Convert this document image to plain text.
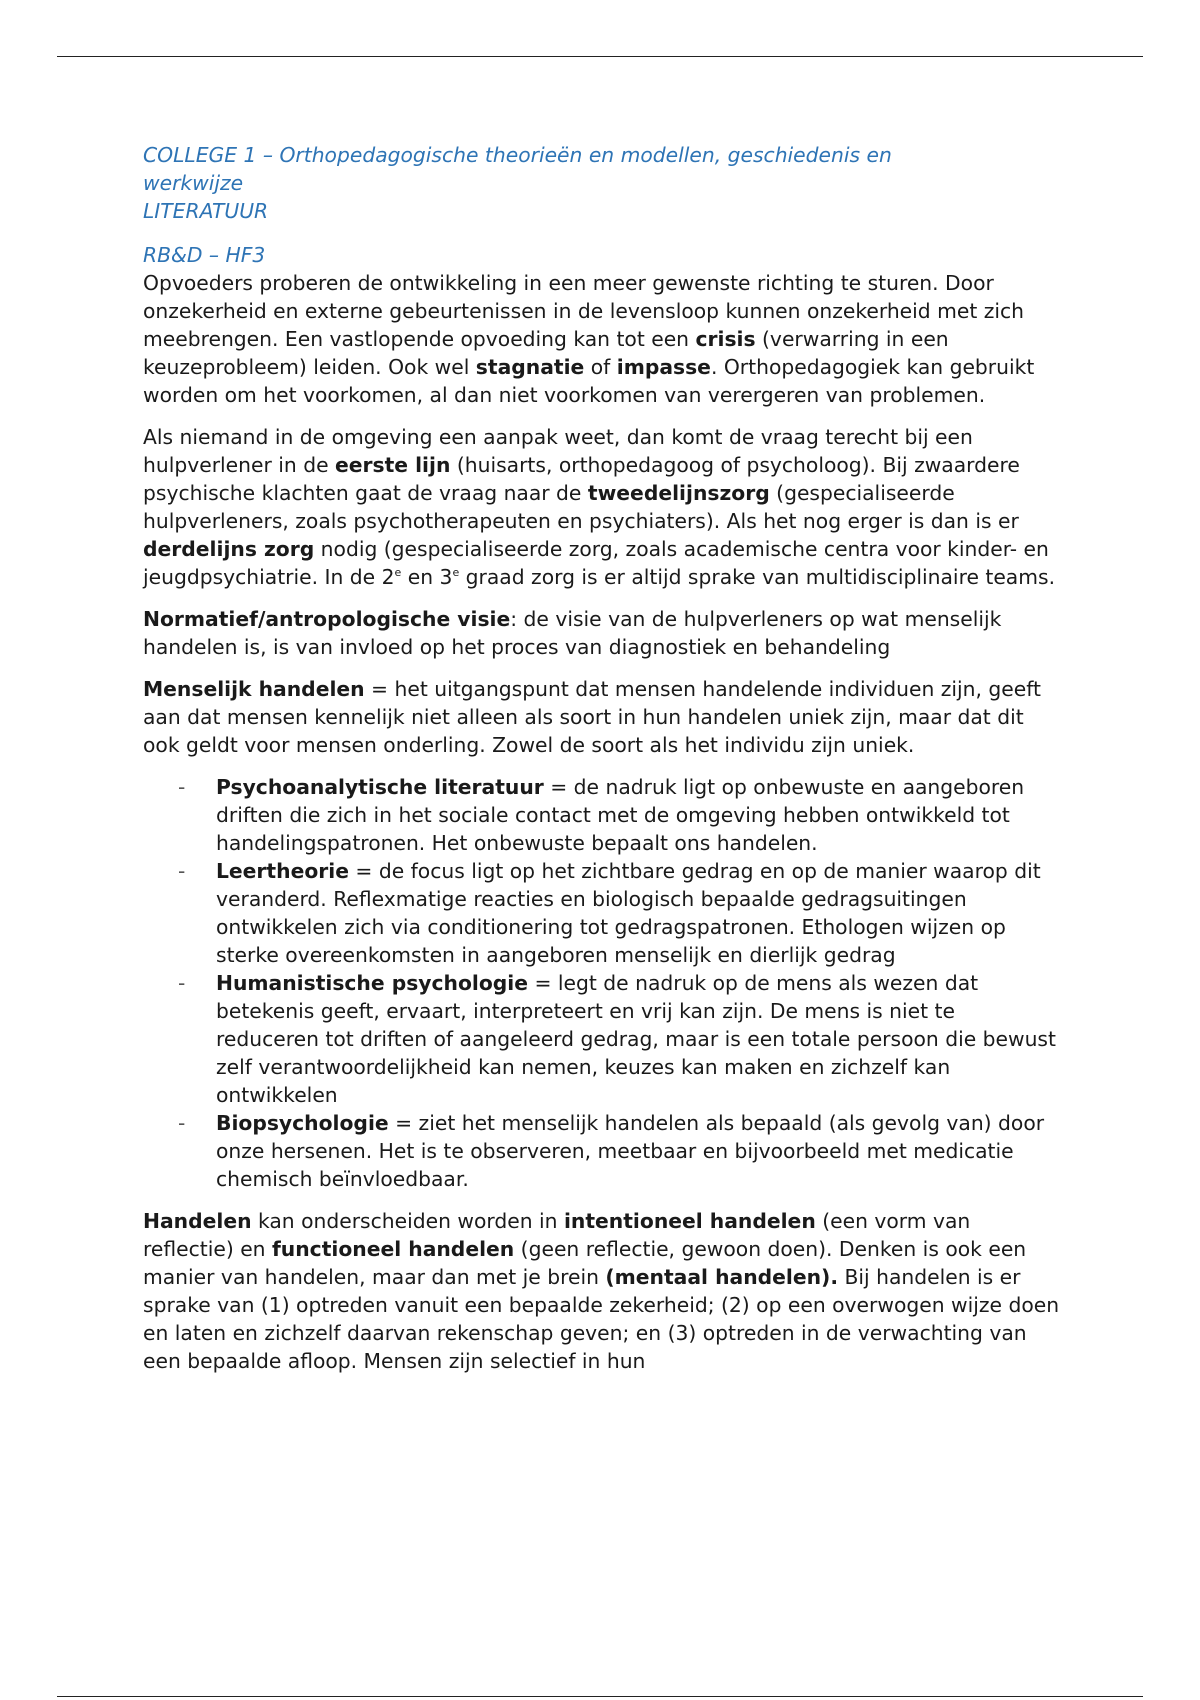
COLLEGE 1 – Orthopedagogische theorieën en modellen, geschiedenis en
werkwijze
LITERATUUR
RB&D – HF3

Opvoeders proberen de ontwikkeling in een meer gewenste richting te sturen. Door onzekerheid en externe gebeurtenissen in de levensloop kunnen onzekerheid met zich meebrengen. Een vastlopende opvoeding kan tot een crisis (verwarring in een keuzeprobleem) leiden. Ook wel stagnatie of impasse. Orthopedagogiek kan gebruikt worden om het voorkomen, al dan niet voorkomen van verergeren van problemen.

Als niemand in de omgeving een aanpak weet, dan komt de vraag terecht bij een hulpverlener in de eerste lijn (huisarts, orthopedagoog of psycholoog). Bij zwaardere psychische klachten gaat de vraag naar de tweedelijnszorg (gespecialiseerde hulpverleners, zoals psychotherapeuten en psychiaters). Als het nog erger is dan is er derdelijns zorg nodig (gespecialiseerde zorg, zoals academische centra voor kinder- en jeugdpsychiatrie. In de 2e en 3e graad zorg is er altijd sprake van multidisciplinaire teams.

Normatief/antropologische visie: de visie van de hulpverleners op wat menselijk handelen is, is van invloed op het proces van diagnostiek en behandeling

Menselijk handelen = het uitgangspunt dat mensen handelende individuen zijn, geeft aan dat mensen kennelijk niet alleen als soort in hun handelen uniek zijn, maar dat dit ook geldt voor mensen onderling. Zowel de soort als het individu zijn uniek.

- Psychoanalytische literatuur = de nadruk ligt op onbewuste en aangeboren driften die zich in het sociale contact met de omgeving hebben ontwikkeld tot handelingspatronen. Het onbewuste bepaalt ons handelen.
- Leertheorie = de focus ligt op het zichtbare gedrag en op de manier waarop dit veranderd. Reflexmatige reacties en biologisch bepaalde gedragsuitingen ontwikkelen zich via conditionering tot gedragspatronen. Ethologen wijzen op sterke overeenkomsten in aangeboren menselijk en dierlijk gedrag
- Humanistische psychologie = legt de nadruk op de mens als wezen dat betekenis geeft, ervaart, interpreteert en vrij kan zijn. De mens is niet te reduceren tot driften of aangeleerd gedrag, maar is een totale persoon die bewust zelf verantwoordelijkheid kan nemen, keuzes kan maken en zichzelf kan ontwikkelen
- Biopsychologie = ziet het menselijk handelen als bepaald (als gevolg van) door onze hersenen. Het is te observeren, meetbaar en bijvoorbeeld met medicatie chemisch beïnvloedbaar.

Handelen kan onderscheiden worden in intentioneel handelen (een vorm van reflectie) en functioneel handelen (geen reflectie, gewoon doen). Denken is ook een manier van handelen, maar dan met je brein (mentaal handelen). Bij handelen is er sprake van (1) optreden vanuit een bepaalde zekerheid; (2) op een overwogen wijze doen en laten en zichzelf daarvan rekenschap geven; en (3) optreden in de verwachting van een bepaalde afloop. Mensen zijn selectief in hun
